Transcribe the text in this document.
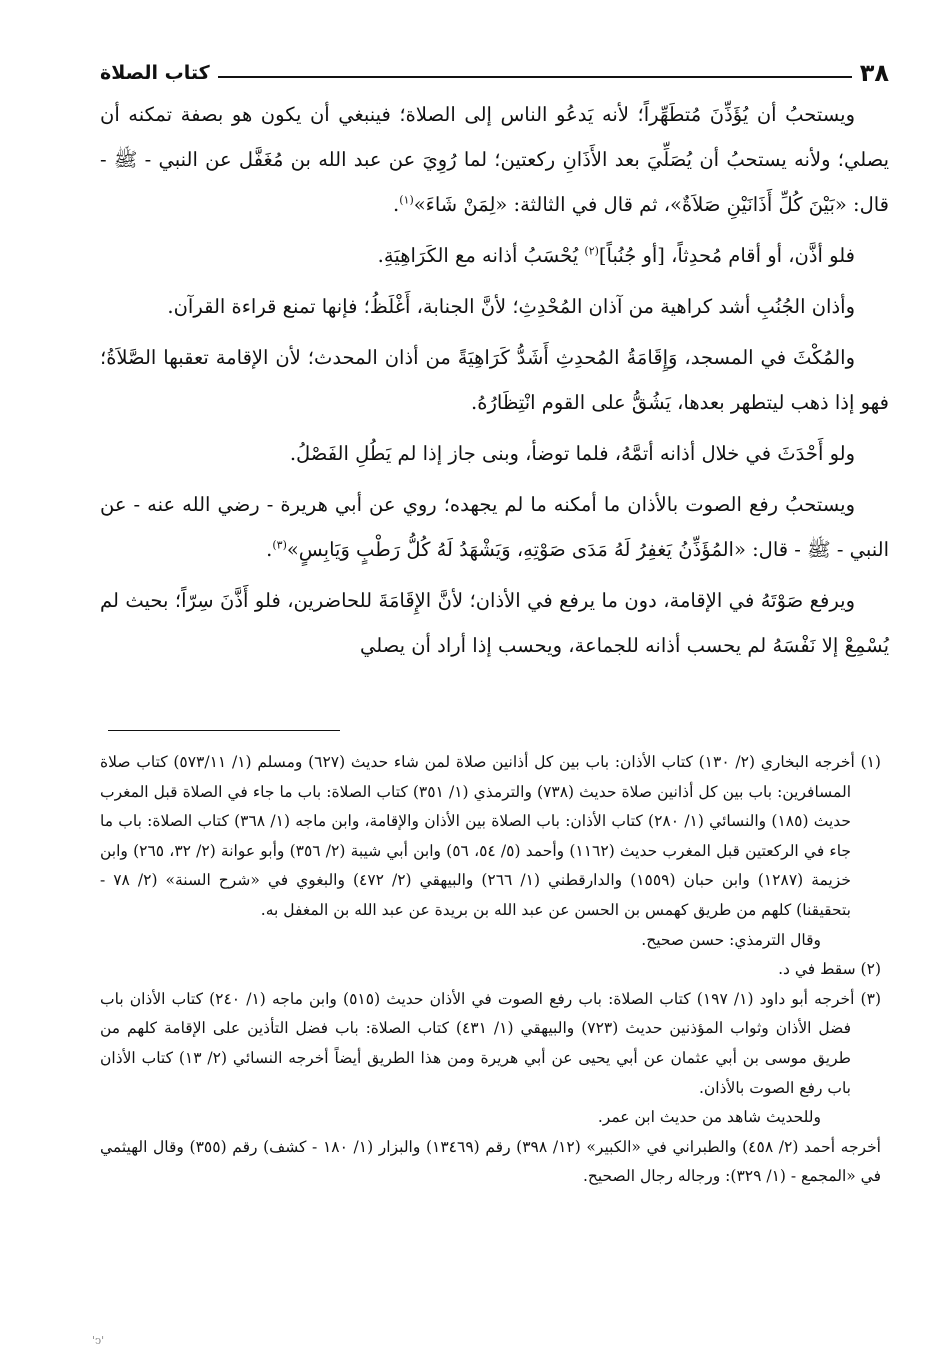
٣٨
كتاب الصلاة

ويستحبُ أن يُؤَذِّنَ مُتطَهِّراً؛ لأنه يَدعُو الناس إلى الصلاة؛ فينبغي أن يكون هو بصفة تمكنه أن يصلي؛ ولأنه يستحبُ أن يُصَلِّيَ بعد الأَذَانِ ركعتين؛ لما رُوِيَ عن عبد الله بن مُغَفَّل عن النبي - ﷺ - قال: «بَيْنَ كُلِّ أَذَانَيْنِ صَلاَةٌ»، ثم قال في الثالثة: «لِمَنْ شَاءَ»$^{(١)}$.

فلو أذَّن، أو أقام مُحدِثاً، [أو جُنُباً]$^{(٢)}$ يُحْسَبُ أذانه مع الكَرَاهِيَةِ.

وأذان الجُنُبِ أشد كراهية من آذان المُحْدِثِ؛ لأنَّ الجنابة، أَغْلَظُ؛ فإنها تمنع قراءة القرآن.

والمُكْثَ في المسجد، وَإِقَامَةُ المُحدِثِ أَشَدُّ كَرَاهِيَةً من أذان المحدث؛ لأن الإقامة تعقبها الصَّلاَةُ؛ فهو إذا ذهب ليتطهر بعدها، يَشُقُّ على القوم انْتِظَارُهُ.

ولو أَحْدَثَ في خلال أذانه أتمَّهُ، فلما توضأ، وبنى جاز إذا لم يَطُلِ الفَصْلُ.

ويستحبُ رفع الصوت بالأذان ما أمكنه ما لم يجهده؛ روي عن أبي هريرة - رضي الله عنه - عن النبي - ﷺ - قال: «المُؤَذِّنُ يَغفِرُ لَهُ مَدَى صَوْتِهِ، وَيَشْهَدُ لَهُ كُلُّ رَطْبٍ وَيَابِسٍ»$^{(٣)}$.

ويرفع صَوْتَهُ في الإقامة، دون ما يرفع في الأذان؛ لأنَّ الإِقَامَةَ للحاضرين، فلو أَذَّنَ سِرّاً؛ بحيث لم يُسْمِعْ إلا نَفْسَهُ لم يحسب أذانه للجماعة، ويحسب إذا أراد أن يصلي

(١) أخرجه البخاري (٢/ ١٣٠) كتاب الأذان: باب بين كل أذانين صلاة لمن شاء حديث (٦٢٧) ومسلم (١/ ٥٧٣/١١) كتاب صلاة المسافرين: باب بين كل أذانين صلاة حديث (٧٣٨) والترمذي (١/ ٣٥١) كتاب الصلاة: باب ما جاء في الصلاة قبل المغرب حديث (١٨٥) والنسائي (١/ ٢٨٠) كتاب الأذان: باب الصلاة بين الأذان والإقامة، وابن ماجه (١/ ٣٦٨) كتاب الصلاة: باب ما جاء في الركعتين قبل المغرب حديث (١١٦٢) وأحمد (٥/ ٥٤، ٥٦) وابن أبي شيبة (٢/ ٣٥٦) وأبو عوانة (٢/ ٣٢، ٢٦٥) وابن خزيمة (١٢٨٧) وابن حبان (١٥٥٩) والدارقطني (١/ ٢٦٦) والبيهقي (٢/ ٤٧٢) والبغوي في «شرح السنة» (٢/ ٧٨ - بتحقيقنا) كلهم من طريق كهمس بن الحسن عن عبد الله بن بريدة عن عبد الله بن المغفل به.

وقال الترمذي: حسن صحيح.

(٢) سقط في د.

(٣) أخرجه أبو داود (١/ ١٩٧) كتاب الصلاة: باب رفع الصوت في الأذان حديث (٥١٥) وابن ماجه (١/ ٢٤٠) كتاب الأذان باب فضل الأذان وثواب المؤذنين حديث (٧٢٣) والبيهقي (١/ ٤٣١) كتاب الصلاة: باب فضل التأذين على الإقامة كلهم من طريق موسى بن أبي عثمان عن أبي يحيى عن أبي هريرة ومن هذا الطريق أيضاً أخرجه النسائي (٢/ ١٣) كتاب الأذان باب رفع الصوت بالأذان.

وللحديث شاهد من حديث ابن عمر.

أخرجه أحمد (٢/ ٤٥٨) والطبراني في «الكبير» (١٢/ ٣٩٨) رقم (١٣٤٦٩) والبزار (١/ ١٨٠ - كشف) رقم (٣٥٥) وقال الهيثمي في «المجمع - (١/ ٣٢٩): ورجاله رجال الصحيح.

'ↄ'
